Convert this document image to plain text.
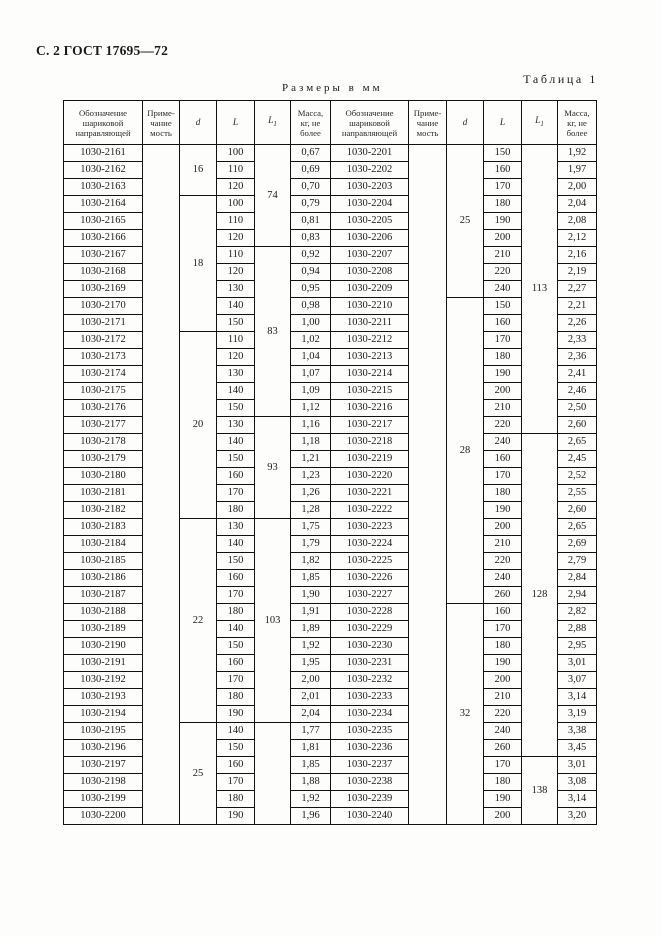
С. 2 ГОСТ 17695—72
Таблица 1
Размеры в мм
Обозначение
шариковой
направляющей	Приме-
чание
мость	d	L	$L_1$	Масса,
кг, не
более	Обозначение
шариковой
направляющей	Приме-
чание
мость	d	L	$L_1$	Масса,
кг, не
более
1030-2161		16	100	74	0,67	1030-2201		25	150	113	1,92
1030-2162			110		0,69	1030-2202			160		1,97
1030-2163			120		0,70	1030-2203			170		2,00
1030-2164		18	100		0,79	1030-2204			180		2,04
1030-2165			110		0,81	1030-2205			190		2,08
1030-2166			120		0,83	1030-2206			200		2,12
1030-2167			110	83	0,92	1030-2207			210		2,16
1030-2168			120		0,94	1030-2208			220		2,19
1030-2169			130		0,95	1030-2209			240		2,27
1030-2170			140		0,98	1030-2210		28	150		2,21
1030-2171			150		1,00	1030-2211			160		2,26
1030-2172		20	110		1,02	1030-2212			170		2,33
1030-2173			120		1,04	1030-2213			180		2,36
1030-2174			130		1,07	1030-2214			190		2,41
1030-2175			140		1,09	1030-2215			200		2,46
1030-2176			150		1,12	1030-2216			210		2,50
1030-2177			130	93	1,16	1030-2217			220		2,60
1030-2178			140		1,18	1030-2218			240	128	2,65
1030-2179			150		1,21	1030-2219			160		2,45
1030-2180			160		1,23	1030-2220			170		2,52
1030-2181			170		1,26	1030-2221			180		2,55
1030-2182			180		1,28	1030-2222			190		2,60
1030-2183		22	130	103	1,75	1030-2223			200		2,65
1030-2184			140		1,79	1030-2224			210		2,69
1030-2185			150		1,82	1030-2225			220		2,79
1030-2186			160		1,85	1030-2226			240		2,84
1030-2187			170		1,90	1030-2227			260		2,94
1030-2188			180		1,91	1030-2228		32	160		2,82
1030-2189			140		1,89	1030-2229			170		2,88
1030-2190			150		1,92	1030-2230			180		2,95
1030-2191			160		1,95	1030-2231			190		3,01
1030-2192			170		2,00	1030-2232			200		3,07
1030-2193			180		2,01	1030-2233			210		3,14
1030-2194			190		2,04	1030-2234			220		3,19
1030-2195		25	140		1,77	1030-2235			240		3,38
1030-2196			150		1,81	1030-2236			260		3,45
1030-2197			160		1,85	1030-2237			170	138	3,01
1030-2198			170		1,88	1030-2238			180		3,08
1030-2199			180		1,92	1030-2239			190		3,14
1030-2200			190		1,96	1030-2240			200		3,20
